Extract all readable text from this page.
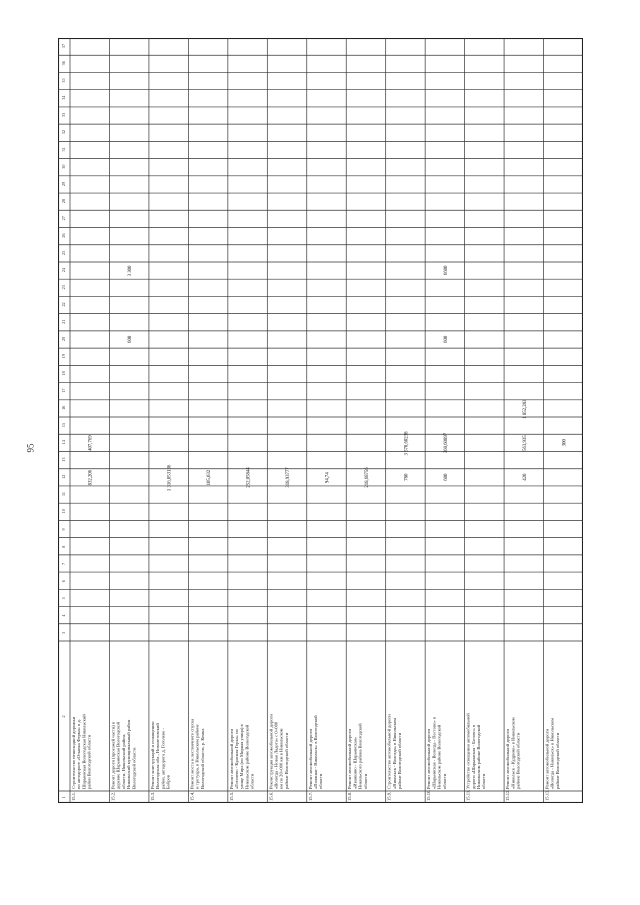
95
1
2
3
4
5
6
7
8
9
10
11
12
13
14
15
16
17
18
19
20
21
22
23
24
25
26
27
28
29
30
31
32
33
34
35
36
37
15.1.
Строительство пешеходной дорожки по автодороге «Отыпка Ферма» в д. Шарьинская Вологодская Никольский район Вологодской области
832,206
407,769
15.2.
Ремонт дороги (проезжей части) в деревне Шарьинская Вологодской области, Никольский район, Никольский муниципальный район Вологодской области
600
3 300
15.3.
Ремонт конструкций и оснащения: Вологодская обл., Новолетовский район, автодорога д. Гоголево - Бобров
1 316,053136
15.4.
Ремонт моста и лестничного спуска и тротуара, в Никольском районе Вологодской области, р. Кемка
105,032
15.5.
Ремонт автомобильной дороги «Гоголево - Красная Горка» по улице Мира (по Мирная улица) в Никольском районе Вологодской области
252,05844
15.6.
Реконструкция автомобильной дороги «Вологда - Новая Ладога» с 0+000 км по 20+000 км в Никольском районе Вологодской области
318,93777
15.7.
Ремонт автомобильной дороги «Полянки - Никольск» в Вологодской области
94,74
15.8.
Ремонт автомобильной дороги «Иванкино - Шарьинская» Никольского района Вологодской области
218,68756
15.9.
Строительство автомобильной дороги «Никольск - Вологда» в Никольском районе Вологодской области
780
3 570,60238
15.10.
Ремонт автомобильной дороги «Шарьинская - Вологда - Пестово» в Никольском районе Вологодской области
600
360,60897
600
6600
15.11.
Устройство освещения автомобильной дороги «Шарьинская - Ботово» в Никольском районе Вологодской области
15.12.
Ремонт автомобильной дороги «Никольск - Кудрино» в Никольском районе Вологодской области
420
563,935
1 852,283
15.13.
Ремонт автомобильной дороги «Вологда - Никольск» в Никольском районе Вологодской области
300
